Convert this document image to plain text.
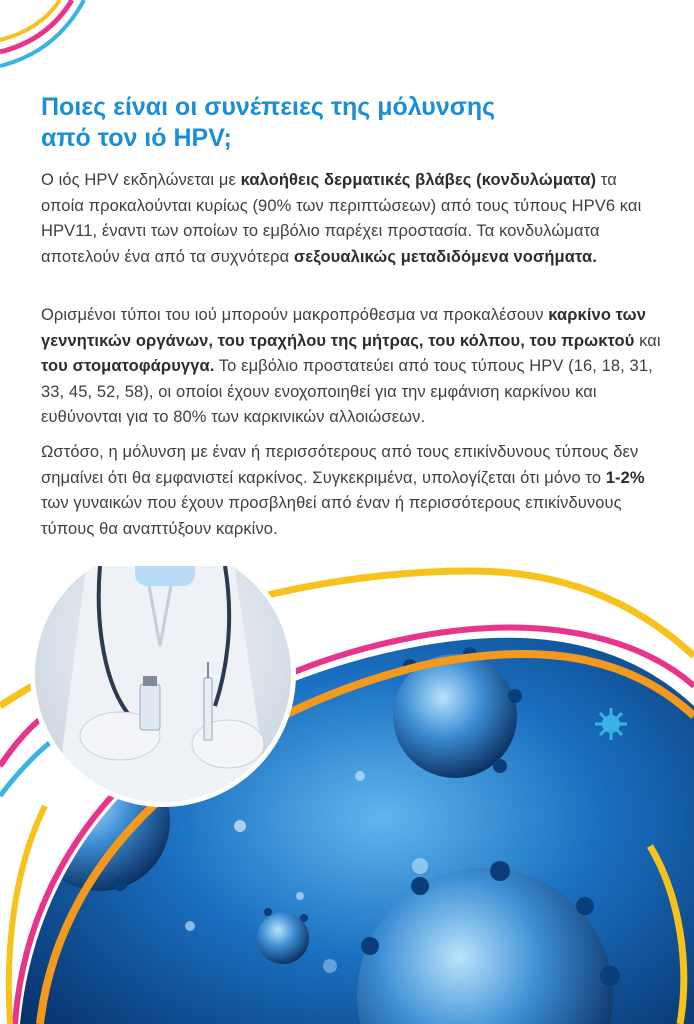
Ποιες είναι οι συνέπειες της μόλυνσης
από τον ιό HPV;

Ο ιός HPV εκδηλώνεται με καλοήθεις δερματικές βλάβες (κονδυλώματα) τα οποία προκαλούνται κυρίως (90% των περιπτώσεων) από τους τύπους HPV6 και HPV11, έναντι των οποίων το εμβόλιο παρέχει προστασία. Τα κονδυλώματα αποτελούν ένα από τα συχνότερα σεξουαλικώς μεταδιδόμενα νοσήματα.

Ορισμένοι τύποι του ιού μπορούν μακροπρόθεσμα να προκαλέσουν καρκίνο των γεννητικών οργάνων, του τραχήλου της μήτρας, του κόλπου, του πρωκτού και του στοματοφάρυγγα. Το εμβόλιο προστατεύει από τους τύπους HPV (16, 18, 31, 33, 45, 52, 58), οι οποίοι έχουν ενοχοποιηθεί για την εμφάνιση καρκίνου και ευθύνονται για το 80% των καρκινικών αλλοιώσεων.

Ωστόσο, η μόλυνση με έναν ή περισσότερους από τους επικίνδυνους τύπους δεν σημαίνει ότι θα εμφανιστεί καρκίνος. Συγκεκριμένα, υπολογίζεται ότι μόνο το 1-2% των γυναικών που έχουν προσβληθεί από έναν ή περισσότερους επικίνδυνους τύπους θα αναπτύξουν καρκίνο.
